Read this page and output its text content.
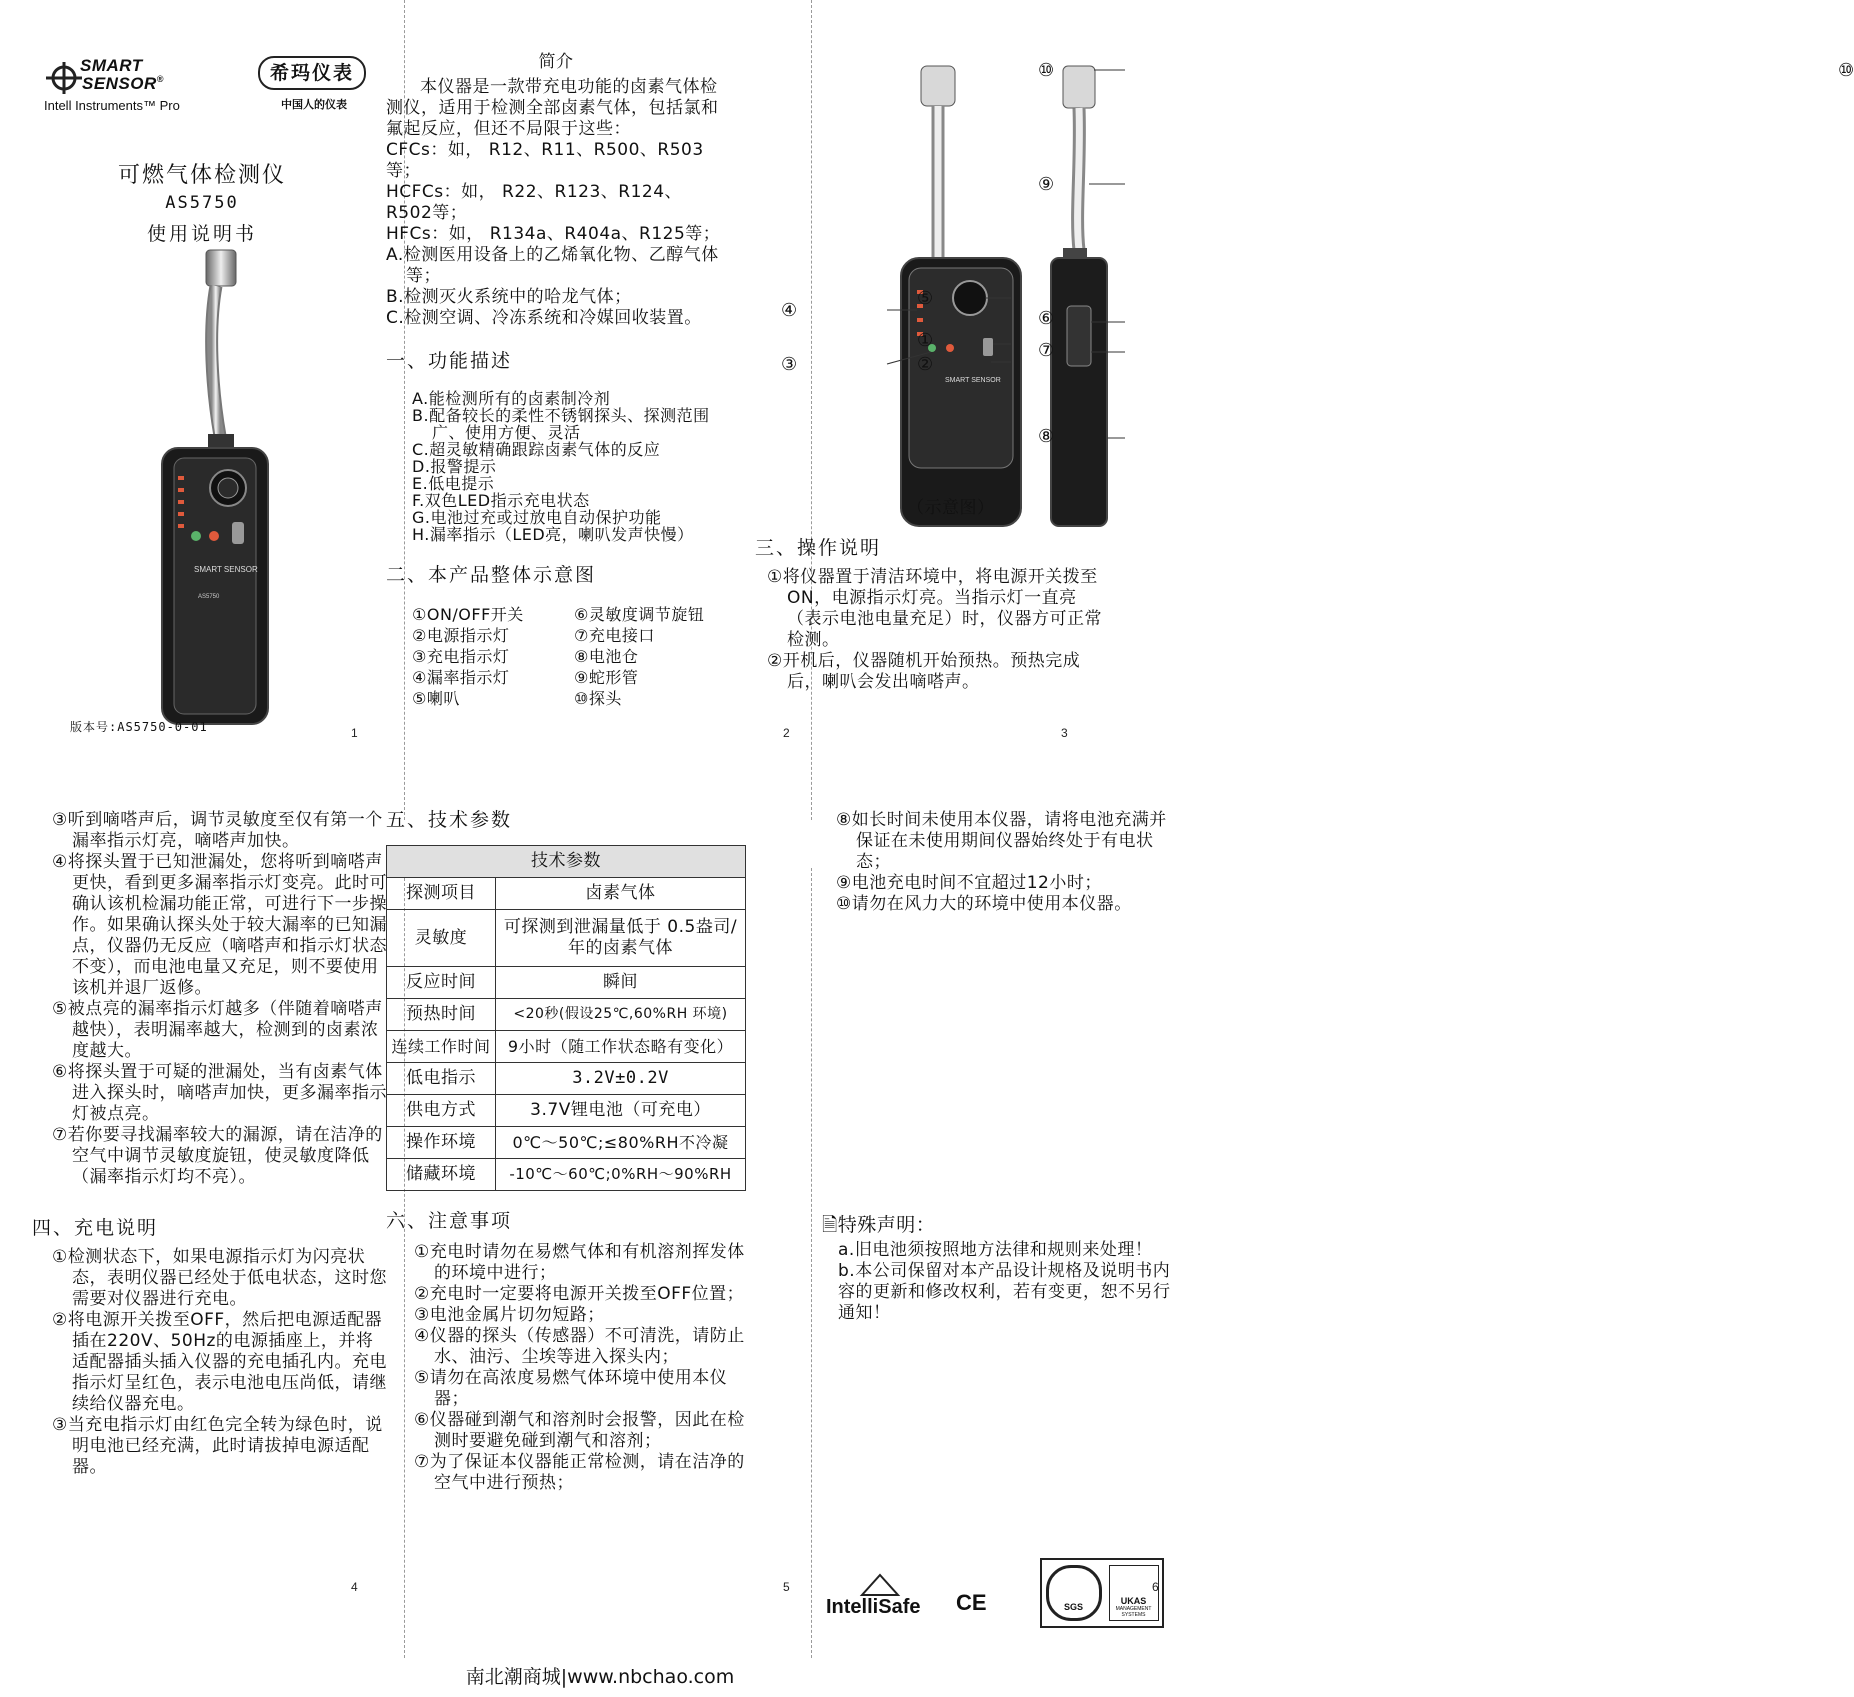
SMART
SENSOR®
Intell Instruments™ Pro
希玛仪表
中国人的仪表
可燃气体检测仪
AS5750
使用说明书
SMART SENSOR
AS5750
版本号:AS5750-0-01	1
简介

本仪器是一款带充电功能的卤素气体检测仪，适用于检测全部卤素气体，包括氯和氟起反应，但还不局限于这些：

CFCs：如， R12、R11、R500、R503等；

HCFCs：如， R22、R123、R124、R502等；

HFCs：如， R134a、R404a、R125等；

A.检测医用设备上的乙烯氧化物、乙醇气体等；

B.检测灭火系统中的哈龙气体；

C.检测空调、冷冻系统和冷媒回收装置。

一、功能描述

A.能检测所有的卤素制冷剂

B.配备较长的柔性不锈钢探头、探测范围广、使用方便、灵活

C.超灵敏精确跟踪卤素气体的反应

D.报警提示

E.低电提示

F.双色LED指示充电状态

G.电池过充或过放电自动保护功能

H.漏率指示（LED亮，喇叭发声快慢）

二、本产品整体示意图

①ON/OFF开关

②电源指示灯

③充电指示灯

④漏率指示灯

⑤喇叭

⑥灵敏度调节旋钮

⑦充电接口

⑧电池仓

⑨蛇形管

⑩探头

2
SMART SENSOR
⑩
⑩
⑨
⑤
①
②
⑥
⑦
⑧
④
③
（示意图）
三、操作说明

①将仪器置于清洁环境中，将电源开关拨至ON，电源指示灯亮。当指示灯一直亮（表示电池电量充足）时，仪器方可正常检测。

②开机后，仪器随机开始预热。预热完成后，喇叭会发出嘀嗒声。

3

③听到嘀嗒声后，调节灵敏度至仅有第一个漏率指示灯亮，嘀嗒声加快。

④将探头置于已知泄漏处，您将听到嘀嗒声更快，看到更多漏率指示灯变亮。此时可确认该机检漏功能正常，可进行下一步操作。如果确认探头处于较大漏率的已知漏点，仪器仍无反应（嘀嗒声和指示灯状态不变），而电池电量又充足，则不要使用该机并退厂返修。

⑤被点亮的漏率指示灯越多（伴随着嘀嗒声越快），表明漏率越大，检测到的卤素浓度越大。

⑥将探头置于可疑的泄漏处，当有卤素气体进入探头时，嘀嗒声加快，更多漏率指示灯被点亮。

⑦若你要寻找漏率较大的漏源，请在洁净的空气中调节灵敏度旋钮，使灵敏度降低（漏率指示灯均不亮）。

四、充电说明

①检测状态下，如果电源指示灯为闪亮状态，表明仪器已经处于低电状态，这时您需要对仪器进行充电。

②将电源开关拨至OFF，然后把电源适配器插在220V、50Hz的电源插座上，并将适配器插头插入仪器的充电插孔内。充电指示灯呈红色，表示电池电压尚低，请继续给仪器充电。

③当充电指示灯由红色完全转为绿色时，说明电池已经充满，此时请拔掉电源适配器。

4
五、技术参数
技术参数	
探测项目	卤素气体
灵敏度	可探测到泄漏量低于 0.5盎司/年的卤素气体
反应时间	瞬间
预热时间	<20秒(假设25℃,60%RH 环境)
连续工作时间	9小时（随工作状态略有变化）
低电指示	3.2V±0.2V
供电方式	3.7V锂电池（可充电）
操作环境	0℃～50℃;≤80%RH不冷凝
储藏环境	-10℃～60℃;0%RH～90%RH
六、注意事项

①充电时请勿在易燃气体和有机溶剂挥发体的环境中进行；

②充电时一定要将电源开关拨至OFF位置；

③电池金属片切勿短路；

④仪器的探头（传感器）不可清洗，请防止水、油污、尘埃等进入探头内；

⑤请勿在高浓度易燃气体环境中使用本仪器；

⑥仪器碰到潮气和溶剂时会报警，因此在检测时要避免碰到潮气和溶剂；

⑦为了保证本仪器能正常检测，请在洁净的空气中进行预热；

5

⑧如长时间未使用本仪器，请将电池充满并保证在未使用期间仪器始终处于有电状态；

⑨电池充电时间不宜超过12小时；

⑩请勿在风力大的环境中使用本仪器。

🗎特殊声明：

a.旧电池须按照地方法律和规则来处理！

b.本公司保留对本产品设计规格及说明书内容的更新和修改权利，若有变更，恕不另行通知！

IntelliSafe CE	SGS
UKAS
MANAGEMENT SYSTEMS
6
南北潮商城|www.nbchao.com
